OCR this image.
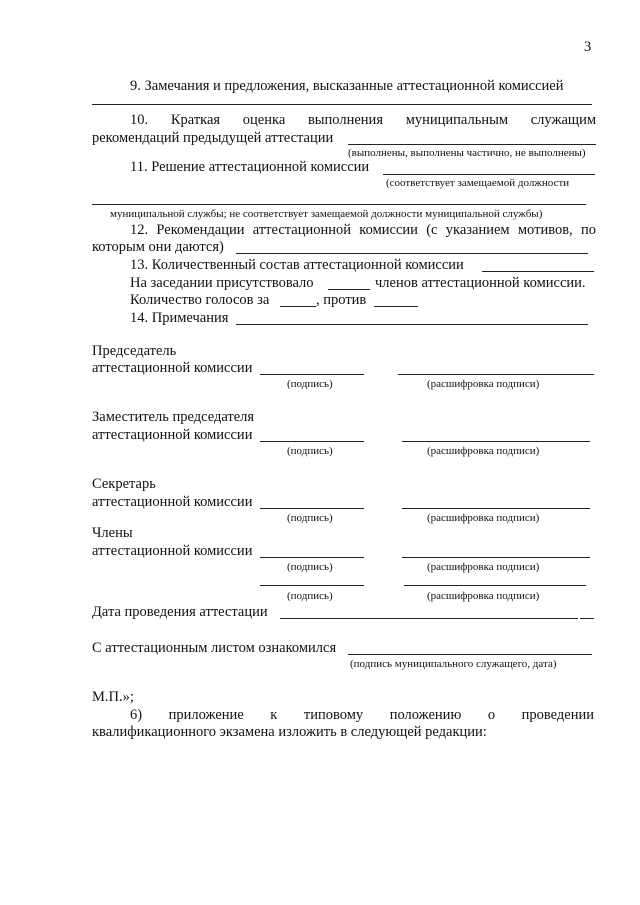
3
9. Замечания и предложения, высказанные аттестационной комиссией
10. Краткая оценка выполнения муниципальным служащим
рекомендаций предыдущей аттестации
(выполнены, выполнены частично, не выполнены)
11. Решение аттестационной комиссии
(соответствует замещаемой должности
муниципальной службы; не соответствует замещаемой должности муниципальной службы)
12. Рекомендации аттестационной комиссии (с указанием мотивов, по
которым они даются)
13. Количественный состав аттестационной комиссии
На заседании присутствовало	членов аттестационной комиссии.
Количество голосов за	, против
14. Примечания
Председатель
аттестационной комиссии
(подпись)	(расшифровка подписи)
Заместитель председателя
аттестационной комиссии
(подпись)	(расшифровка подписи)
Секретарь
аттестационной комиссии
(подпись)	(расшифровка подписи)
Члены
аттестационной комиссии
(подпись)	(расшифровка подписи)
(подпись)	(расшифровка подписи)
Дата проведения аттестации
С аттестационным листом ознакомился
(подпись муниципального служащего, дата)
М.П.»;
6) приложение к типовому положению о проведении
квалификационного экзамена изложить в следующей редакции:
